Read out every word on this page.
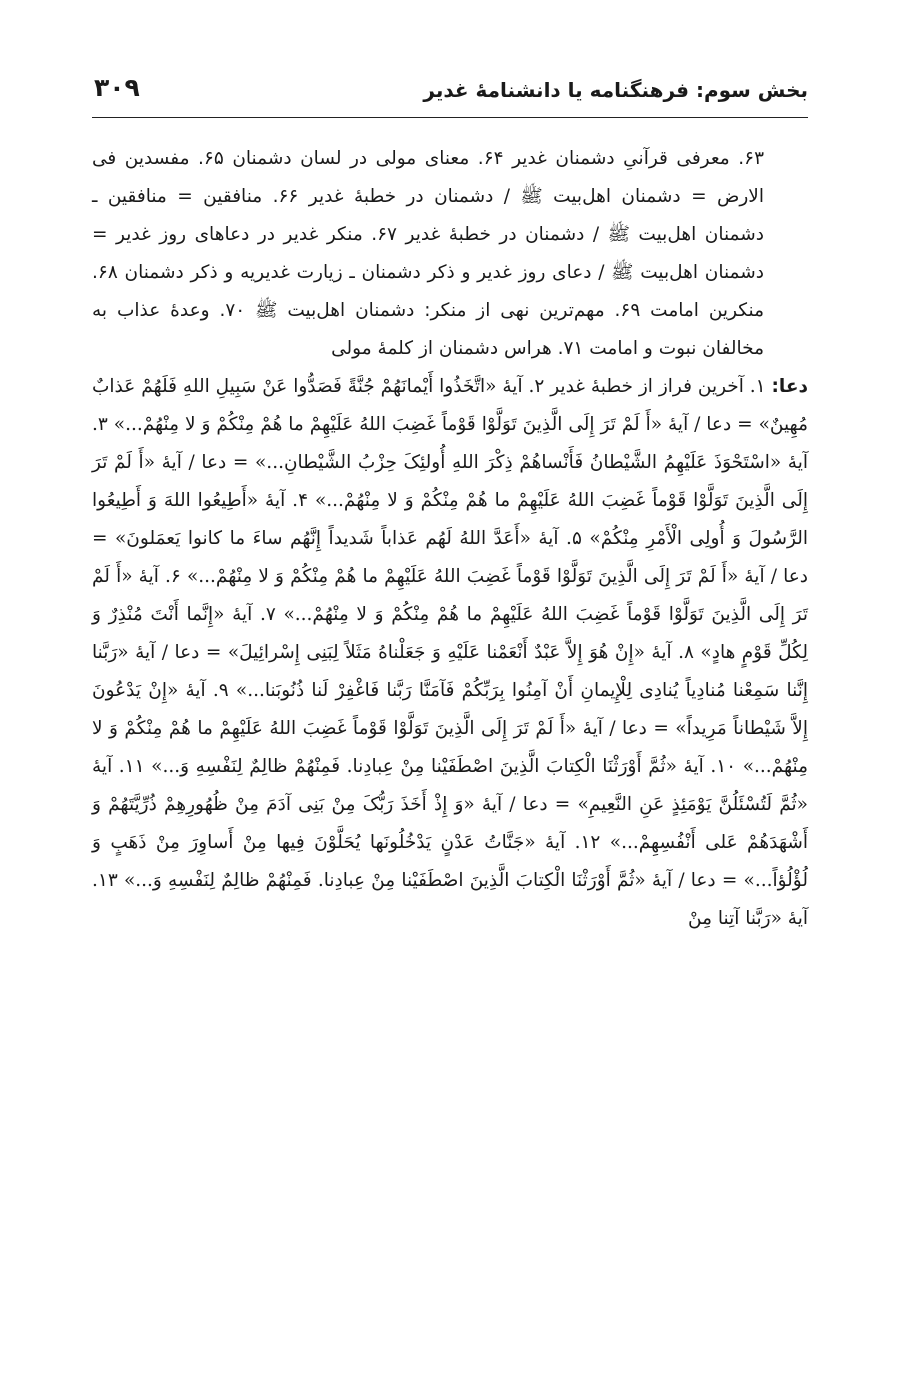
بخش سوم: فرهنگنامه یا دانشنامهٔ غدیر
۳۰۹

۶۳. معرفی قرآنیِ دشمنان غدیر ۶۴. معنای مولی در لسان دشمنان ۶۵. مفسدین فی الارض = دشمنان اهل‌بیت ﷺ / دشمنان در خطبهٔ غدیر ۶۶. منافقین = منافقین ـ دشمنان اهل‌بیت ﷺ / دشمنان در خطبهٔ غدیر ۶۷. منکر غدیر در دعاهای روز غدیر = دشمنان اهل‌بیت ﷺ / دعای روز غدیر و ذکر دشمنان ـ زیارت غدیریه و ذکر دشمنان ۶۸. منکرین امامت ۶۹. مهم‌ترین نهی از منکر: دشمنان اهل‌بیت ﷺ ۷۰. وعدهٔ عذاب به مخالفان نبوت و امامت ۷۱. هراس دشمنان از کلمهٔ مولی

دعا: ۱. آخرین فراز از خطبهٔ غدیر ۲. آیهٔ «اتَّخَذُوا أَیْمانَهُمْ جُنَّةً فَصَدُّوا عَنْ سَبِیلِ اللهِ فَلَهُمْ عَذابٌ مُهِینٌ» = دعا / آیهٔ «أَ لَمْ تَرَ إِلَى الَّذِینَ تَوَلَّوْا قَوْماً غَضِبَ اللهُ عَلَیْهِمْ ما هُمْ مِنْکُمْ وَ لا مِنْهُمْ...» ۳. آیهٔ «اسْتَحْوَذَ عَلَیْهِمُ الشَّیْطانُ فَأَنْساهُمْ ذِکْرَ اللهِ أُولئِکَ حِزْبُ الشَّیْطانِ...» = دعا / آیهٔ «أَ لَمْ تَرَ إِلَى الَّذِینَ تَوَلَّوْا قَوْماً غَضِبَ اللهُ عَلَیْهِمْ ما هُمْ مِنْکُمْ وَ لا مِنْهُمْ...» ۴. آیهٔ «أَطِیعُوا اللهَ وَ أَطِیعُوا الرَّسُولَ وَ أُولِی الْأَمْرِ مِنْکُمْ» ۵. آیهٔ «أَعَدَّ اللهُ لَهُم عَذاباً شَدیداً إِنَّهُم ساءَ ما کانوا یَعمَلونَ» = دعا / آیهٔ «أَ لَمْ تَرَ إِلَى الَّذِینَ تَوَلَّوْا قَوْماً غَضِبَ اللهُ عَلَیْهِمْ ما هُمْ مِنْکُمْ وَ لا مِنْهُمْ...» ۶. آیهٔ «أَ لَمْ تَرَ إِلَى الَّذِینَ تَوَلَّوْا قَوْماً غَضِبَ اللهُ عَلَیْهِمْ ما هُمْ مِنْکُمْ وَ لا مِنْهُمْ...» ۷. آیهٔ «إِنَّما أَنْتَ مُنْذِرٌ وَ لِکُلِّ قَوْمٍ هادٍ» ۸. آیهٔ «إِنْ هُوَ إِلاَّ عَبْدٌ أَنْعَمْنا عَلَیْهِ وَ جَعَلْناهُ مَثَلاً لِبَنِی إِسْرائِیلَ» = دعا / آیهٔ «رَبَّنا إِنَّنا سَمِعْنا مُنادِیاً یُنادِی لِلْإِیمانِ أَنْ آمِنُوا بِرَبِّکُمْ فَآمَنَّا رَبَّنا فَاغْفِرْ لَنا ذُنُوبَنا...» ۹. آیهٔ «إِنْ یَدْعُونَ إِلاَّ شَیْطاناً مَرِیداً» = دعا / آیهٔ «أَ لَمْ تَرَ إِلَى الَّذِینَ تَوَلَّوْا قَوْماً غَضِبَ اللهُ عَلَیْهِمْ ما هُمْ مِنْکُمْ وَ لا مِنْهُمْ...» ۱۰. آیهٔ «ثُمَّ أَوْرَثْنَا الْکِتابَ الَّذِینَ اصْطَفَیْنا مِنْ عِبادِنا. فَمِنْهُمْ ظالِمٌ لِنَفْسِهِ وَ...» ۱۱. آیهٔ «ثُمَّ لَتُسْئَلُنَّ یَوْمَئِذٍ عَنِ النَّعِیمِ» = دعا / آیهٔ «وَ إِذْ أَخَذَ رَبُّکَ مِنْ بَنِی آدَمَ مِنْ ظُهُورِهِمْ ذُرِّیَّتَهُمْ وَ أَشْهَدَهُمْ عَلى أَنْفُسِهِمْ...» ۱۲. آیهٔ «جَنَّاتُ عَدْنٍ یَدْخُلُونَها یُحَلَّوْنَ فِیها مِنْ أَساوِرَ مِنْ ذَهَبٍ وَ لُؤْلُؤاً...» = دعا / آیهٔ «ثُمَّ أَوْرَثْنَا الْکِتابَ الَّذِینَ اصْطَفَیْنا مِنْ عِبادِنا. فَمِنْهُمْ ظالِمٌ لِنَفْسِهِ وَ...» ۱۳. آیهٔ «رَبَّنا آتِنا مِنْ
